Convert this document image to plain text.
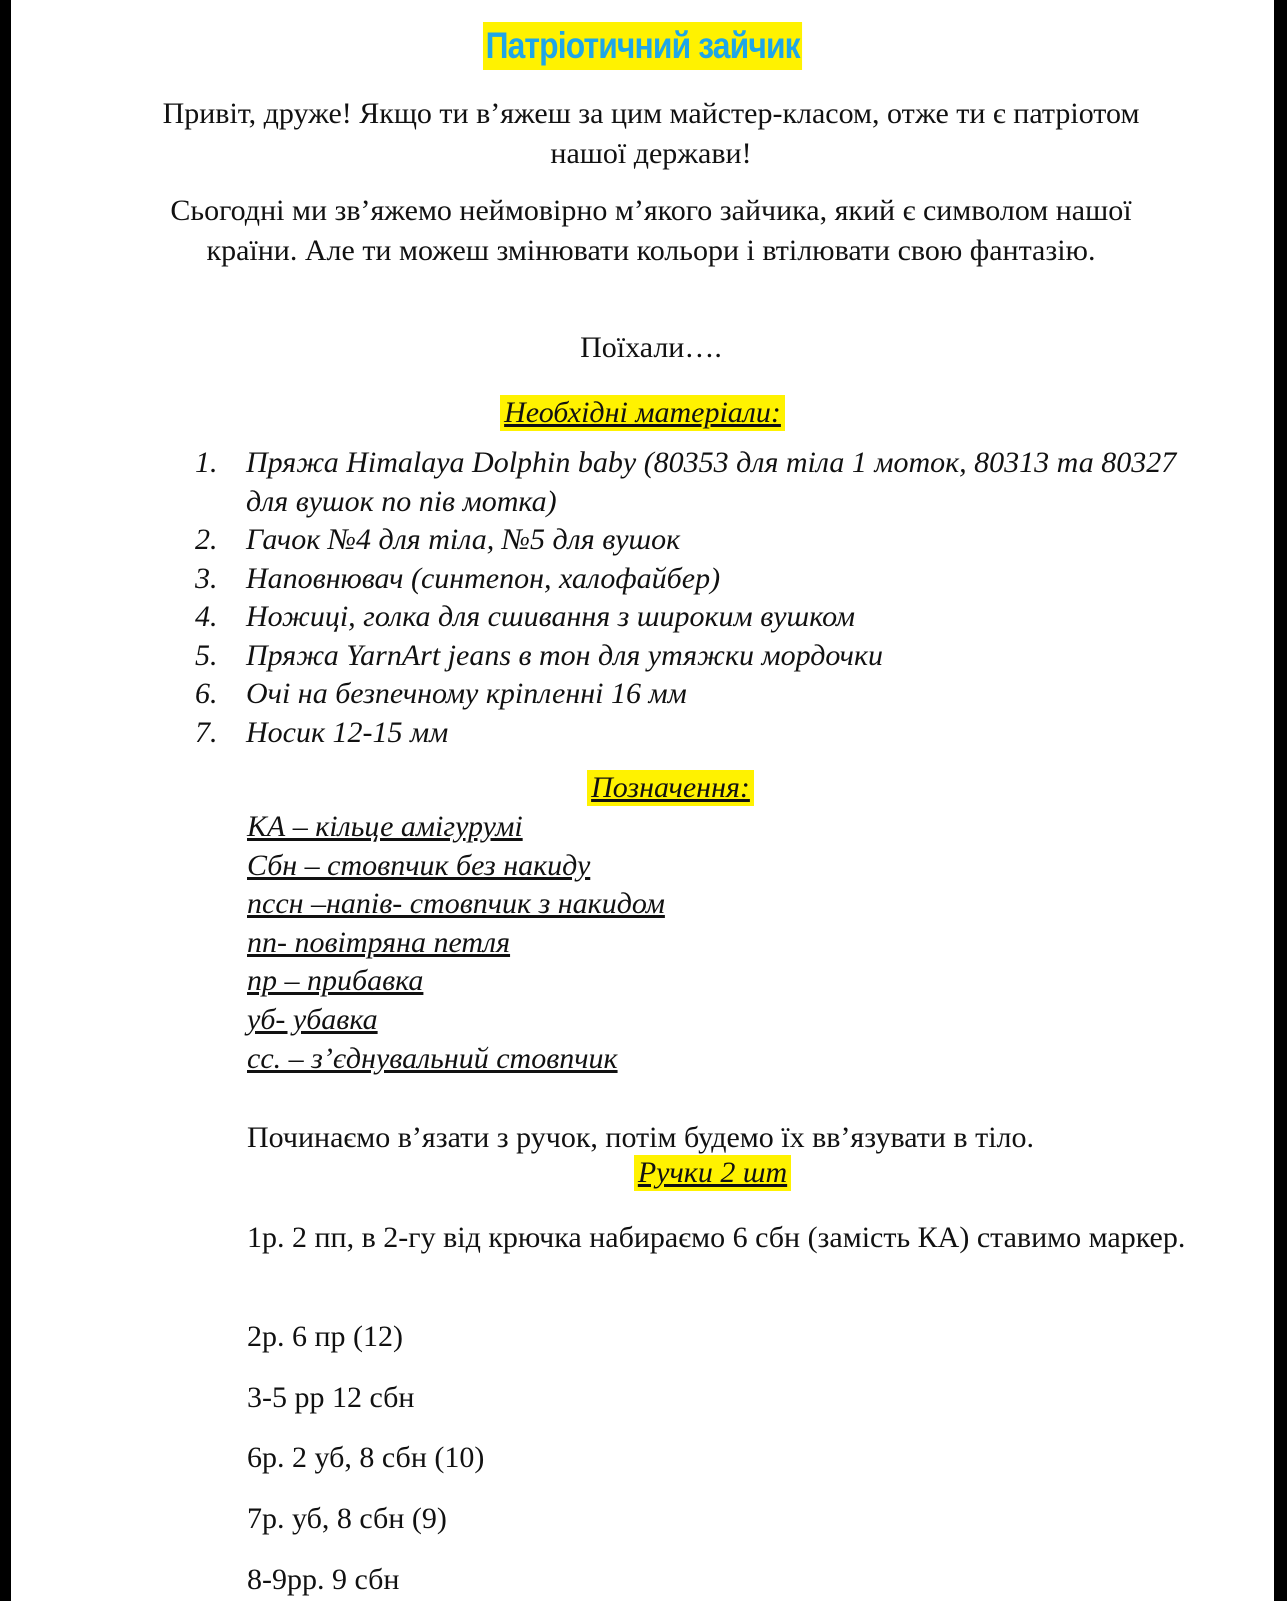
Патріотичний зайчик

Привіт, друже! Якщо ти в’яжеш за цим майстер-класом, отже ти є патріотом нашої держави!

Сьогодні ми зв’яжемо неймовірно м’якого зайчика, який є символом нашої країни. Але ти можеш змінювати кольори і втілювати свою фантазію.

Поїхали….

Необхідні матеріали:
1. Пряжа Himalaya Dolphin baby (80353 для тіла 1 моток, 80313 та 80327 для вушок по пів мотка)
2. Гачок №4 для тіла, №5 для вушок
3. Наповнювач (синтепон, халофайбер)
4. Ножиці, голка для сшивання з широким вушком
5. Пряжа YarnArt jeans в тон для утяжки мордочки
6. Очі на безпечному кріпленні 16 мм
7. Носик 12-15 мм
Позначення:
КА – кільце амігурумі
Сбн – стовпчик без накиду
пссн –напів- стовпчик з накидом
пп- повітряна петля
пр – прибавка
уб- убавка
сс. – з’єднувальний стовпчик

Починаємо в’язати з ручок, потім будемо їх вв’язувати в тіло.

Ручки 2 шт

1р. 2 пп, в 2-гу від крючка набираємо 6 сбн (замість КА) ставимо маркер.

2р. 6 пр (12)

3-5 рр 12 сбн

6р. 2 уб, 8 сбн (10)

7р. уб, 8 сбн (9)

8-9рр. 9 сбн
